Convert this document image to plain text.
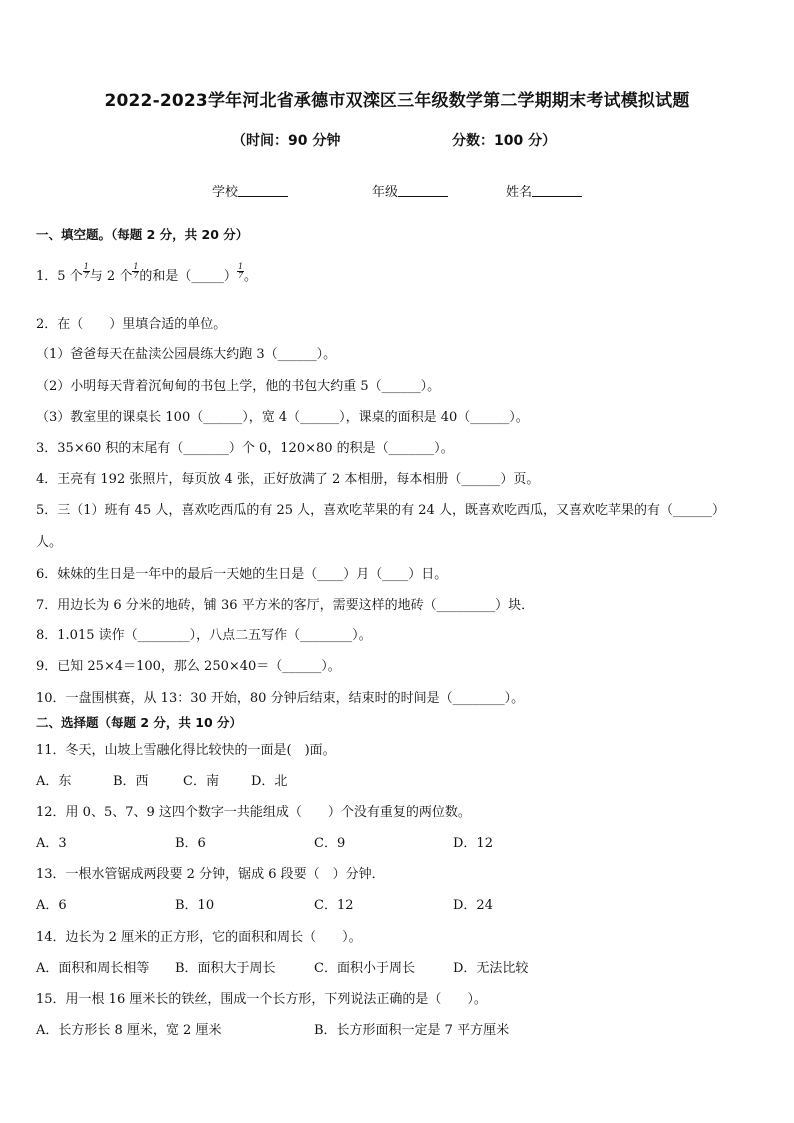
2022-2023学年河北省承德市双滦区三年级数学第二学期期末考试模拟试题
（时间：90 分钟	分数：100 分）
学校	年级	姓名
一、填空题。（每题 2 分，共 20 分）
1．5 个 $\frac{1}{7}$ 与 2 个 $\frac{1}{7}$ 的和是（_____） $\frac{1}{7}$ 。
2．在（　　）里填合适的单位。
（1）爸爸每天在盐渎公园晨练大约跑 3（______）。
（2）小明每天背着沉甸甸的书包上学，他的书包大约重 5（______）。
（3）教室里的课桌长 100（______），宽 4（______），课桌的面积是 40（______）。
3．35×60 积的末尾有（_______）个 0，120×80 的积是（_______）。
4．王亮有 192 张照片，每页放 4 张，正好放满了 2 本相册，每本相册（______）页。
5．三（1）班有 45 人，喜欢吃西瓜的有 25 人，喜欢吃苹果的有 24 人，既喜欢吃西瓜，又喜欢吃苹果的有（______）
人。
6．妹妹的生日是一年中的最后一天她的生日是（____）月（____）日。
7．用边长为 6 分米的地砖，铺 36 平方米的客厅，需要这样的地砖（_________）块．
8．1.015 读作（________），八点二五写作（________）。
9．已知 25×4＝100，那么 250×40＝（______）。
10．一盘围棋赛，从 13：30 开始，80 分钟后结束，结束时的时间是（________）。
二、选择题（每题 2 分，共 10 分）
11．冬天，山坡上雪融化得比较快的一面是(　)面。
A．东	B．西	C．南 D．北
12．用 0、5、7、9 这四个数字一共能组成（　　）个没有重复的两位数。
A．3	B．6	C．9	D．12
13．一根水管锯成两段要 2 分钟，锯成 6 段要（　）分钟．
A．6	B．10	C．12	D．24
14．边长为 2 厘米的正方形，它的面积和周长（　　）。
A．面积和周长相等 B．面积大于周长	C．面积小于周长	D．无法比较
15．用一根 16 厘米长的铁丝，围成一个长方形，下列说法正确的是（　　）。
A．长方形长 8 厘米，宽 2 厘米	B．长方形面积一定是 7 平方厘米
